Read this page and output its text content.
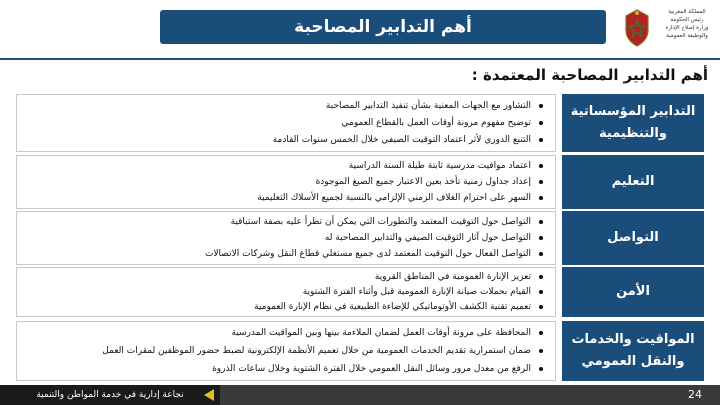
أهم التدابير المصاحبة
المملكة المغربية
رئيس الحكومة
وزارة إصلاح الإدارة
والوظيفة العمومية
أهم التدابير المصاحبة المعتمدة :
التدابير المؤسساتية والتنظيمية
التشاور مع الجهات المعنية بشأن تنفيذ التدابير المصاحبة
توضيح مفهوم مرونة أوقات العمل بالقطاع العمومي
التتبع الدوري لأثر اعتماد التوقيت الصيفي خلال الخمس سنوات القادمة
التعليم
اعتماد مواقيت مدرسية ثابتة طيلة السنة الدراسية
إعداد جداول زمنية تأخذ بعين الاعتبار جميع الصيغ الموجودة
السهر على احترام الغلاف الزمني الإلزامي بالنسبة لجميع الأسلاك التعليمية
التواصل
التواصل حول التوقيت المعتمد والتطورات التي يمكن أن تطرأ عليه بصفة استباقية
التواصل حول آثار التوقيت الصيفي والتدابير المصاحبة له
التواصل الفعال حول التوقيت المعتمد لدى جميع مستغلي قطاع النقل وشركات الاتصالات
الأمن
تعزيز الإنارة العمومية في المناطق القروية
القيام بحملات صيانة الإنارة العمومية قبل وأثناء الفترة الشتوية
تعميم تقنية الكشف الأوتوماتيكي للإضاءة الطبيعية في نظام الإنارة العمومية
المواقيت والخدمات والنقل العمومي
المحافظة على مرونة أوقات العمل لضمان الملاءمة بينها وبين المواقيت المدرسية
ضمان استمرارية تقديم الخدمات العمومية من خلال تعميم الأنظمة الإلكترونية لضبط حضور الموظفين لمقرات العمل
الرفع من معدل مرور وسائل النقل العمومي خلال الفترة الشتوية وخلال ساعات الذروة
نجاعة إدارية في خدمة المواطن والتنمية	24
